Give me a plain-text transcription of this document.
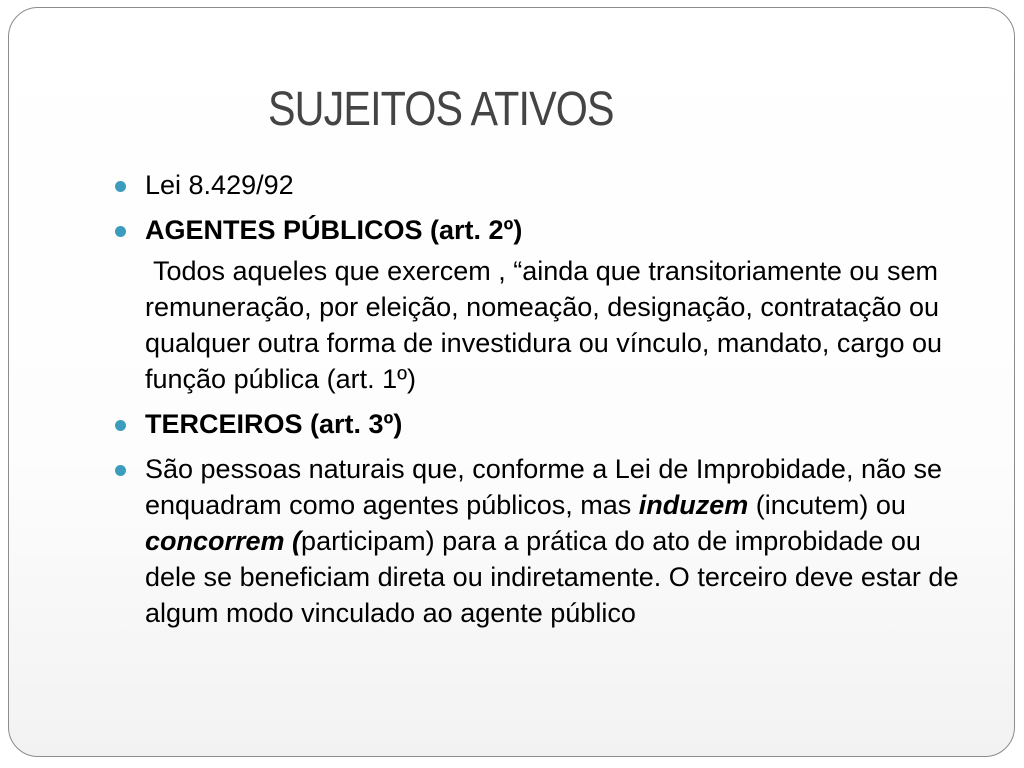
SUJEITOS ATIVOS

Lei 8.429/92

AGENTES PÚBLICOS (art. 2º)

Todos aqueles que exercem , “ainda que transitoriamente ou sem remuneração, por eleição, nomeação, designação, contratação ou qualquer outra forma de investidura ou vínculo, mandato, cargo ou função pública (art. 1º)

TERCEIROS (art. 3º)

São pessoas naturais que, conforme a Lei de Improbidade, não se enquadram como agentes públicos, mas induzem (incutem) ou concorrem (participam) para a prática do ato de improbidade ou dele se beneficiam direta ou indiretamente. O terceiro deve estar de algum modo vinculado ao agente público
